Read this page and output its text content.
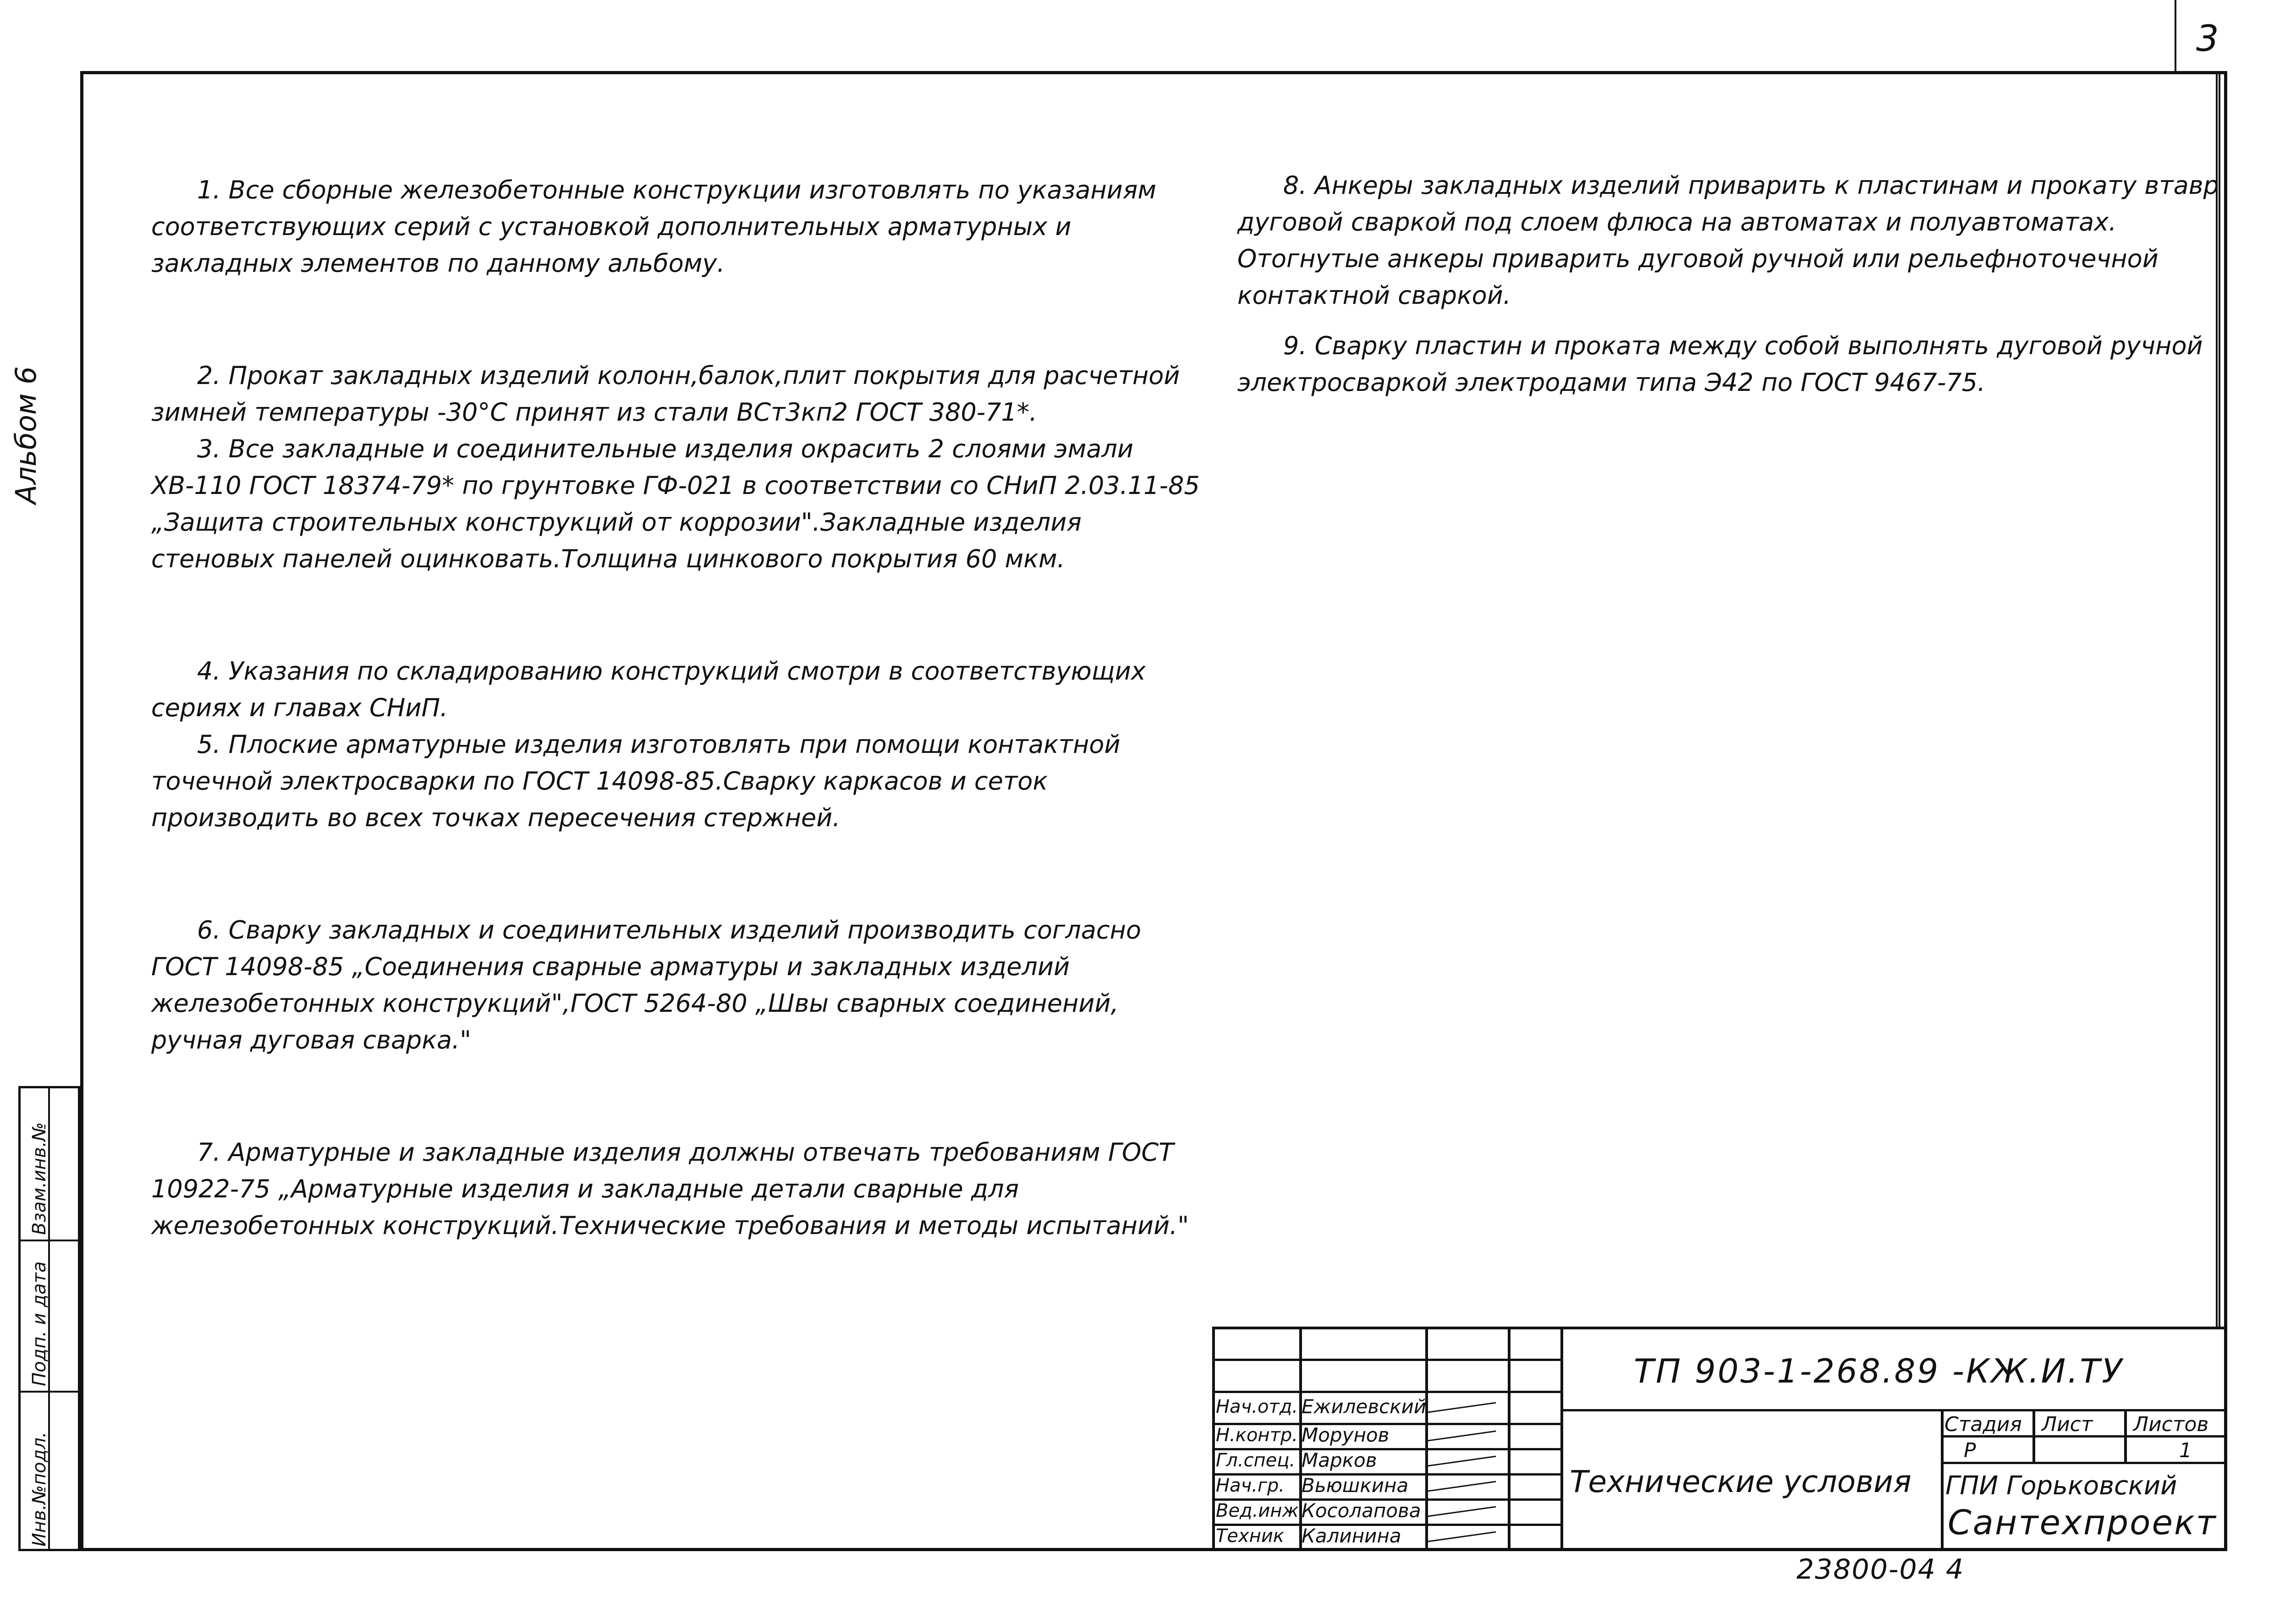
3
Альбом 6
Инв.№подл.
Подп. и дата
Взам.инв.№

1. Все сборные железобетонные конструкции изготовлять по указаниям соответствующих серий с установкой дополнительных арматурных и закладных элементов по данному альбому.

2. Прокат закладных изделий колонн,балок,плит покрытия для расчетной зимней температуры -30°С принят из стали ВСт3кп2 ГОСТ 380-71*.

3. Все закладные и соединительные изделия окрасить 2 слоями эмали ХВ-110 ГОСТ 18374-79* по грунтовке ГФ-021 в соответствии со СНиП 2.03.11-85 „Защита строительных конструкций от коррозии".Закладные изделия стеновых панелей оцинковать.Толщина цинкового покрытия 60 мкм.

4. Указания по складированию конструкций смотри в соответствующих сериях и главах СНиП.

5. Плоские арматурные изделия изготовлять при помощи контактной точечной электросварки по ГОСТ 14098-85.Сварку каркасов и сеток производить во всех точках пересечения стержней.

6. Сварку закладных и соединительных изделий производить согласно ГОСТ 14098-85 „Соединения сварные арматуры и закладных изделий железобетонных конструкций",ГОСТ 5264-80 „Швы сварных соединений, ручная дуговая сварка."

7. Арматурные и закладные изделия должны отвечать требованиям ГОСТ 10922-75 „Арматурные изделия и закладные детали сварные для железобетонных конструкций.Технические требования и методы испытаний."

8. Анкеры закладных изделий приварить к пластинам и прокату втавр дуговой сваркой под слоем флюса на автоматах и полуавтоматах. Отогнутые анкеры приварить дуговой ручной или рельефноточечной контактной сваркой.

9. Сварку пластин и проката между собой выполнять дуговой ручной электросваркой электродами типа Э42 по ГОСТ 9467-75.

ТП 903-1-268.89 -КЖ.И.ТУ
Технические условия
Стадия Лист Листов
Р	1
ГПИ Горьковский
Сантехпроект
Нач.отд. Ежилевский
Н.контр. Морунов
Гл.спец. Марков
Нач.гр. Вьюшкина
Вед.инж.
Косолапова
Техник Калинина
23800-04 4
